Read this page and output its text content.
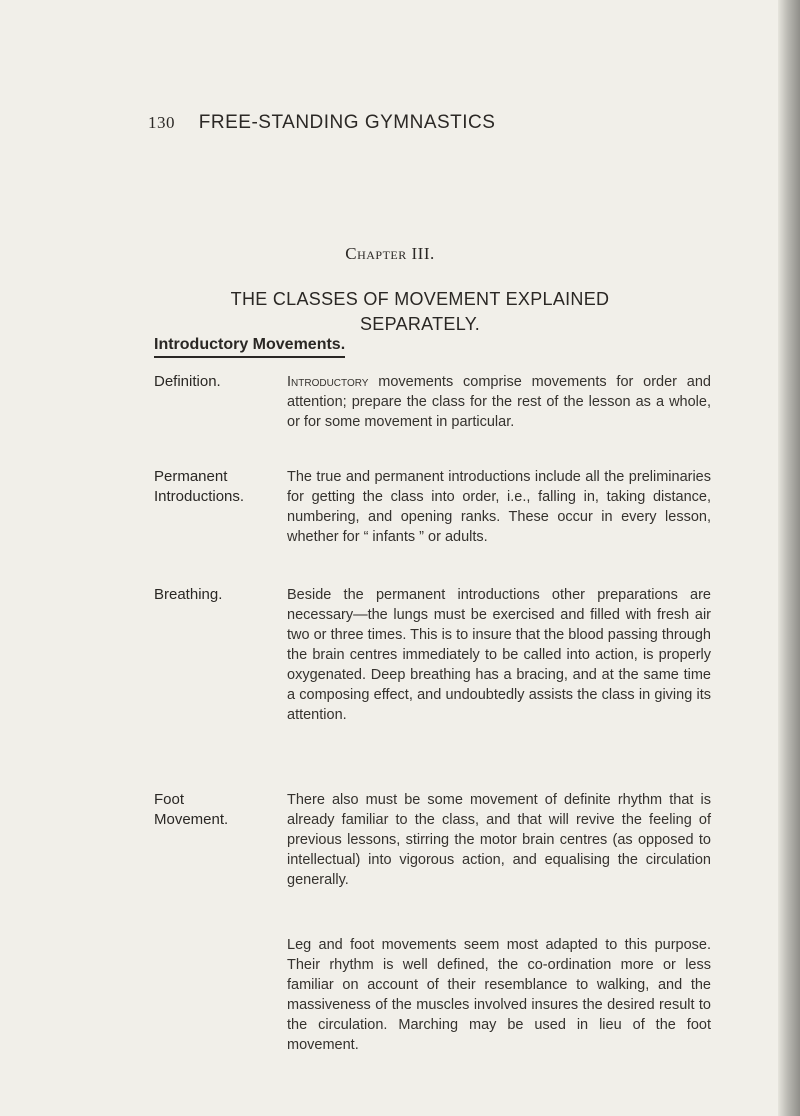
130 FREE-STANDING GYMNASTICS
Chapter III.
THE CLASSES OF MOVEMENT EXPLAINED
SEPARATELY.
Introductory Movements.
Definition.	Introductory movements comprise movements for order and attention; prepare the class for the rest of the lesson as a whole, or for some movement in particular.
Permanent
Introductions.
The true and permanent introductions include all the preliminaries for getting the class into order, i.e., falling in, taking distance, numbering, and opening ranks. These occur in every lesson, whether for “ infants ” or adults.
Breathing.	Beside the permanent introductions other preparations are necessary—the lungs must be exercised and filled with fresh air two or three times. This is to insure that the blood passing through the brain centres immediately to be called into action, is properly oxygenated. Deep breathing has a bracing, and at the same time a composing effect, and undoubtedly assists the class in giving its attention.
Foot
Movement.
There also must be some movement of definite rhythm that is already familiar to the class, and that will revive the feeling of previous lessons, stirring the motor brain centres (as opposed to intellectual) into vigorous action, and equalising the circulation generally.
Leg and foot movements seem most adapted to this purpose. Their rhythm is well defined, the co-ordination more or less familiar on account of their resemblance to walking, and the massiveness of the muscles involved insures the desired result to the circulation. Marching may be used in lieu of the foot movement.
